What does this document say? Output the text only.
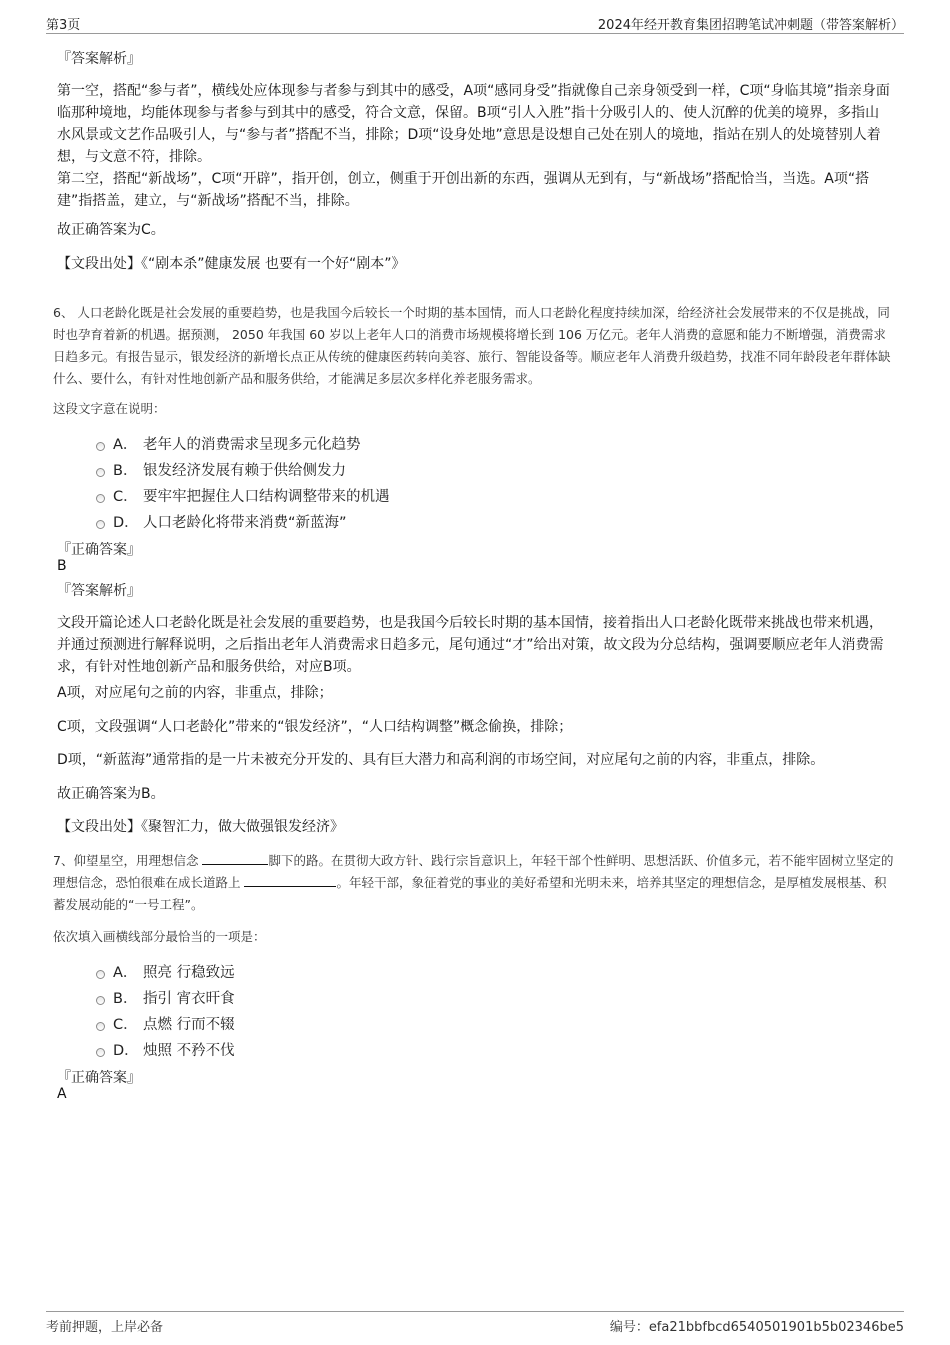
第3页	2024年经开教育集团招聘笔试冲刺题（带答案解析）
『答案解析』
第一空，搭配“参与者”，横线处应体现参与者参与到其中的感受，A项“感同身受”指就像自己亲身领受到一样，C项“身临其境”指亲身面临那种境地，均能体现参与者参与到其中的感受，符合文意，保留。B项“引人入胜”指十分吸引人的、使人沉醉的优美的境界，多指山水风景或文艺作品吸引人，与“参与者”搭配不当，排除；D项“设身处地”意思是设想自己处在别人的境地，指站在别人的处境替别人着想，与文意不符，排除。
第二空，搭配“新战场”，C项“开辟”，指开创，创立，侧重于开创出新的东西，强调从无到有，与“新战场”搭配恰当，当选。A项“搭建”指搭盖，建立，与“新战场”搭配不当，排除。
故正确答案为C。
【文段出处】《“剧本杀”健康发展 也要有一个好“剧本”》
6、 人口老龄化既是社会发展的重要趋势，也是我国今后较长一个时期的基本国情，而人口老龄化程度持续加深，给经济社会发展带来的不仅是挑战，同时也孕育着新的机遇。据预测， 2050 年我国 60 岁以上老年人口的消费市场规模将增长到 106 万亿元。老年人消费的意愿和能力不断增强，消费需求日趋多元。有报告显示，银发经济的新增长点正从传统的健康医药转向美容、旅行、智能设备等。顺应老年人消费升级趋势，找准不同年龄段老年群体缺什么、要什么，有针对性地创新产品和服务供给，才能满足多层次多样化养老服务需求。
这段文字意在说明：
A． 老年人的消费需求呈现多元化趋势
B． 银发经济发展有赖于供给侧发力
C． 要牢牢把握住人口结构调整带来的机遇
D． 人口老龄化将带来消费“新蓝海”
『正确答案』
B
『答案解析』
文段开篇论述人口老龄化既是社会发展的重要趋势，也是我国今后较长时期的基本国情，接着指出人口老龄化既带来挑战也带来机遇，并通过预测进行解释说明，之后指出老年人消费需求日趋多元，尾句通过“才”给出对策，故文段为分总结构，强调要顺应老年人消费需求，有针对性地创新产品和服务供给，对应B项。
A项，对应尾句之前的内容，非重点，排除；
C项，文段强调“人口老龄化”带来的“银发经济”，“人口结构调整”概念偷换，排除；
D项，“新蓝海”通常指的是一片未被充分开发的、具有巨大潜力和高利润的市场空间，对应尾句之前的内容，非重点，排除。
故正确答案为B。
【文段出处】《聚智汇力，做大做强银发经济》
7、仰望星空，用理想信念	脚下的路。在贯彻大政方针、践行宗旨意识上，年轻干部个性鲜明、思想活跃、价值多元，若不能牢固树立坚定的理想信念，恐怕很难在成长道路上	。年轻干部，象征着党的事业的美好希望和光明未来，培养其坚定的理想信念，是厚植发展根基、积蓄发展动能的“一号工程”。
依次填入画横线部分最恰当的一项是：
A． 照亮 行稳致远
B． 指引 宵衣旰食
C． 点燃 行而不辍
D． 烛照 不矜不伐
『正确答案』
A
考前押题，上岸必备	编号：efa21bbfbcd6540501901b5b02346be5
